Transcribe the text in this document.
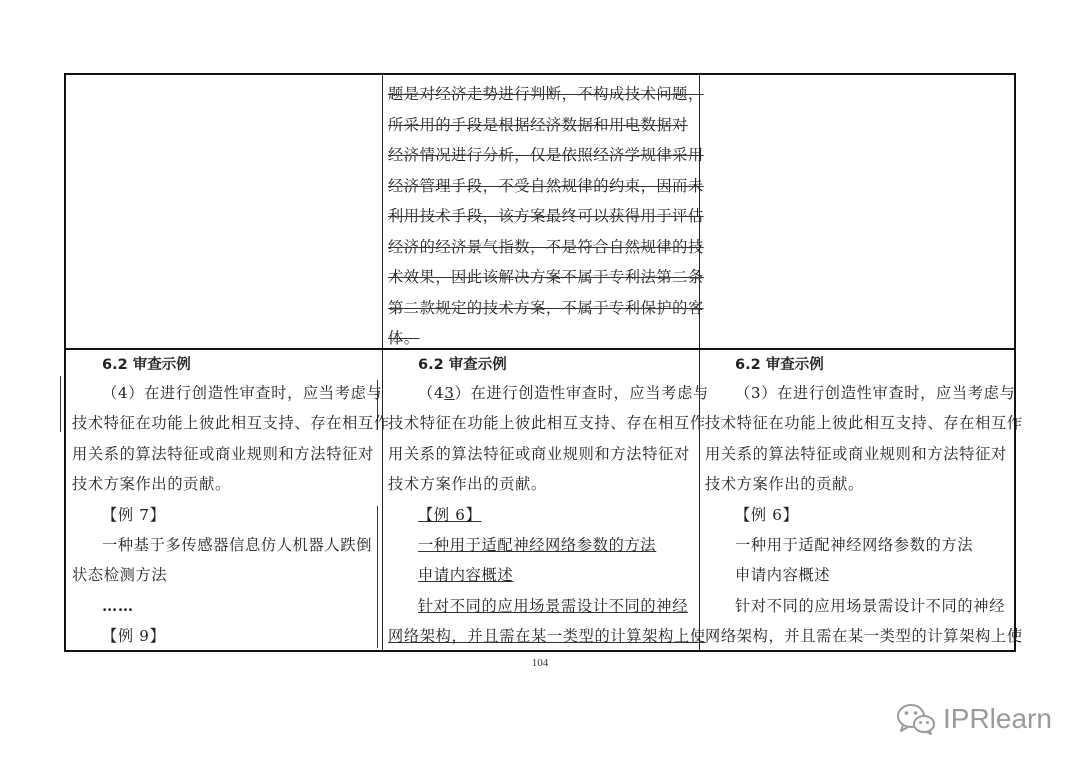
题是对经济走势进行判断，不构成技术问题，
所采用的手段是根据经济数据和用电数据对
经济情况进行分析，仅是依照经济学规律采用
经济管理手段，不受自然规律的约束，因而未
利用技术手段，该方案最终可以获得用于评估
经济的经济景气指数，不是符合自然规律的技
术效果，因此该解决方案不属于专利法第二条
第二款规定的技术方案，不属于专利保护的客
体。
6.2 审查示例
（4）在进行创造性审查时，应当考虑与
技术特征在功能上彼此相互支持、存在相互作
用关系的算法特征或商业规则和方法特征对
技术方案作出的贡献。
【例 7】
一种基于多传感器信息仿人机器人跌倒
状态检测方法
……
【例 9】
6.2 审查示例
（43）在进行创造性审查时，应当考虑与
技术特征在功能上彼此相互支持、存在相互作
用关系的算法特征或商业规则和方法特征对
技术方案作出的贡献。
【例 6】
一种用于适配神经网络参数的方法
申请内容概述
针对不同的应用场景需设计不同的神经
网络架构，并且需在某一类型的计算架构上使
6.2 审查示例
（3）在进行创造性审查时，应当考虑与
技术特征在功能上彼此相互支持、存在相互作
用关系的算法特征或商业规则和方法特征对
技术方案作出的贡献。
【例 6】
一种用于适配神经网络参数的方法
申请内容概述
针对不同的应用场景需设计不同的神经
网络架构，并且需在某一类型的计算架构上使
104
IPRlearn
